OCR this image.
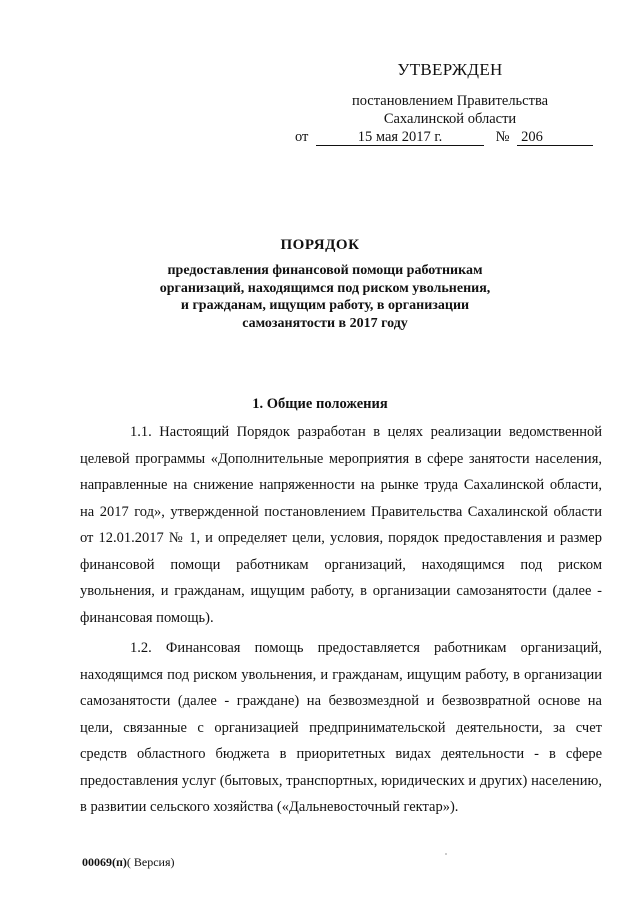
УТВЕРЖДЕН
постановлением Правительства
Сахалинской области
от	15 мая 2017 г.	№ 206
ПОРЯДОК
предоставления финансовой помощи работникам
организаций, находящимся под риском увольнения,
и гражданам, ищущим работу, в организации
самозанятости в 2017 году
1. Общие положения

1.1. Настоящий Порядок разработан в целях реализации ведомственной целевой программы «Дополнительные мероприятия в сфере занятости населения, направленные на снижение напряженности на рынке труда Сахалинской области, на 2017 год», утвержденной постановлением Правительства Сахалинской области от 12.01.2017 № 1, и определяет цели, условия, порядок предоставления и размер финансовой помощи работникам организаций, находящимся под риском увольнения, и гражданам, ищущим работу, в организации самозанятости (далее - финансовая помощь).

1.2. Финансовая помощь предоставляется работникам организаций, находящимся под риском увольнения, и гражданам, ищущим работу, в организации самозанятости (далее - граждане) на безвозмездной и безвозвратной основе на цели, связанные с организацией предпринимательской деятельности, за счет средств областного бюджета в приоритетных видах деятельности - в сфере предоставления услуг (бытовых, транспортных, юридических и других) населению, в развитии сельского хозяйства («Дальневосточный гектар»).

00069(п)( Версия)
